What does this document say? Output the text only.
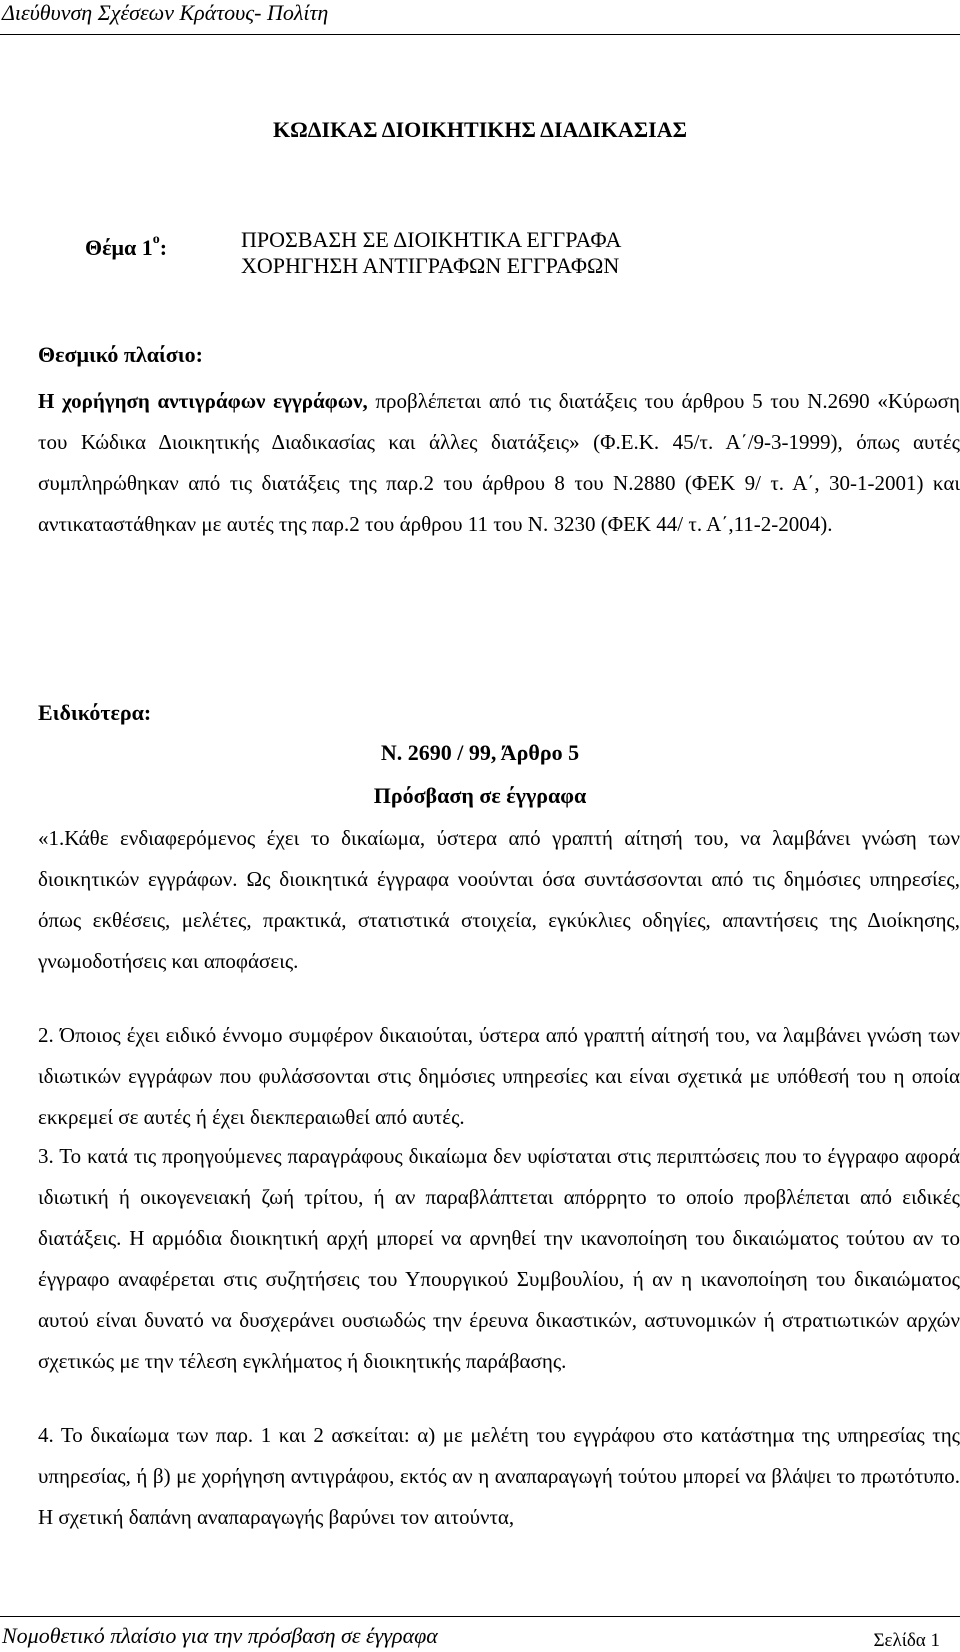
Διεύθυνση Σχέσεων Κράτους- Πολίτη
ΚΩΔΙΚΑΣ ΔΙΟΙΚΗΤΙΚΗΣ ΔΙΑΔΙΚΑΣΙΑΣ
Θέμα $1^o$:	ΠΡΟΣΒΑΣΗ ΣΕ ΔΙΟΙΚΗΤΙΚΑ ΕΓΓΡΑΦΑ
ΧΟΡΗΓΗΣΗ ΑΝΤΙΓΡΑΦΩΝ ΕΓΓΡΑΦΩΝ
Θεσμικό πλαίσιο:
Η χορήγηση αντιγράφων εγγράφων, προβλέπεται από τις διατάξεις του άρθρου 5 του Ν.2690 «Κύρωση του Κώδικα Διοικητικής Διαδικασίας και άλλες διατάξεις» (Φ.Ε.Κ. 45/τ. Α΄/9-3-1999), όπως αυτές συμπληρώθηκαν από τις διατάξεις της παρ.2 του άρθρου 8 του Ν.2880 (ΦΕΚ 9/ τ. Α΄, 30-1-2001) και αντικαταστάθηκαν με αυτές της παρ.2 του άρθρου 11 του Ν. 3230 (ΦΕΚ 44/ τ. Α΄,11-2-2004).
Ειδικότερα:
Ν. 2690 / 99, Άρθρο 5
Πρόσβαση σε έγγραφα
«1.Κάθε ενδιαφερόμενος έχει το δικαίωμα, ύστερα από γραπτή αίτησή του, να λαμβάνει γνώση των διοικητικών εγγράφων. Ως διοικητικά έγγραφα νοούνται όσα συντάσσονται από τις δημόσιες υπηρεσίες, όπως εκθέσεις, μελέτες, πρακτικά, στατιστικά στοιχεία, εγκύκλιες οδηγίες, απαντήσεις της Διοίκησης, γνωμοδοτήσεις και αποφάσεις.
2. Όποιος έχει ειδικό έννομο συμφέρον δικαιούται, ύστερα από γραπτή αίτησή του, να λαμβάνει γνώση των ιδιωτικών εγγράφων που φυλάσσονται στις δημόσιες υπηρεσίες και είναι σχετικά με υπόθεσή του η οποία εκκρεμεί σε αυτές ή έχει διεκπεραιωθεί από αυτές.
3. Το κατά τις προηγούμενες παραγράφους δικαίωμα δεν υφίσταται στις περιπτώσεις που το έγγραφο αφορά ιδιωτική ή οικογενειακή ζωή τρίτου, ή αν παραβλάπτεται απόρρητο το οποίο προβλέπεται από ειδικές διατάξεις. Η αρμόδια διοικητική αρχή μπορεί να αρνηθεί την ικανοποίηση του δικαιώματος τούτου αν το έγγραφο αναφέρεται στις συζητήσεις του Υπουργικού Συμβουλίου, ή αν η ικανοποίηση του δικαιώματος αυτού είναι δυνατό να δυσχεράνει ουσιωδώς την έρευνα δικαστικών, αστυνομικών ή στρατιωτικών αρχών σχετικώς με την τέλεση εγκλήματος ή διοικητικής παράβασης.
4. Το δικαίωμα των παρ. 1 και 2 ασκείται: α) με μελέτη του εγγράφου στο κατάστημα της υπηρεσίας της υπηρεσίας, ή β) με χορήγηση αντιγράφου, εκτός αν η αναπαραγωγή τούτου μπορεί να βλάψει το πρωτότυπο. Η σχετική δαπάνη αναπαραγωγής βαρύνει τον αιτούντα,
Νομοθετικό πλαίσιο για την πρόσβαση σε έγγραφα	Σελίδα 1
